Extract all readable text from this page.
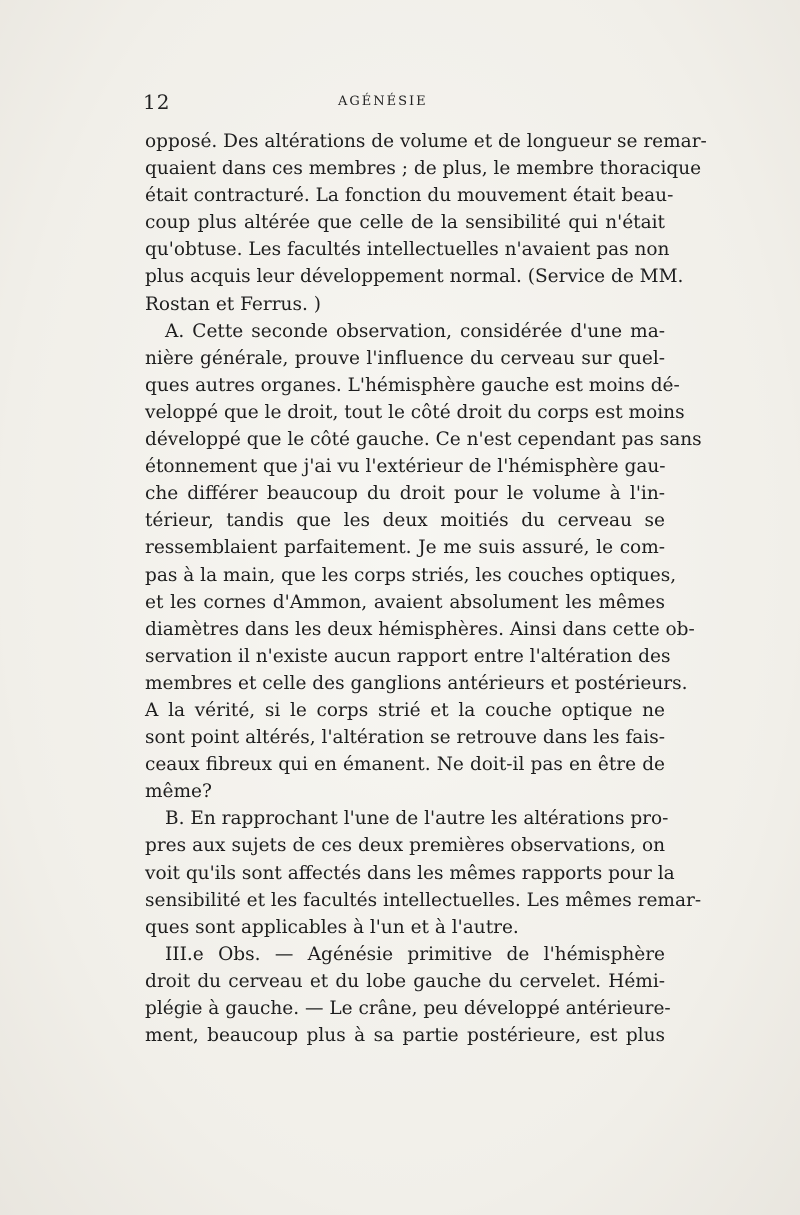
12	AGÉNÉSIE
opposé. Des altérations de volume et de longueur se remar-
quaient dans ces membres ; de plus, le membre thoracique
était contracturé. La fonction du mouvement était beau-
coup plus altérée que celle de la sensibilité qui n'était
qu'obtuse. Les facultés intellectuelles n'avaient pas non
plus acquis leur développement normal. (Service de MM.
Rostan et Ferrus. )
A. Cette seconde observation, considérée d'une ma-
nière générale, prouve l'influence du cerveau sur quel-
ques autres organes. L'hémisphère gauche est moins dé-
veloppé que le droit, tout le côté droit du corps est moins
développé que le côté gauche. Ce n'est cependant pas sans
étonnement que j'ai vu l'extérieur de l'hémisphère gau-
che différer beaucoup du droit pour le volume à l'in-
térieur, tandis que les deux moitiés du cerveau se
ressemblaient parfaitement. Je me suis assuré, le com-
pas à la main, que les corps striés, les couches optiques,
et les cornes d'Ammon, avaient absolument les mêmes
diamètres dans les deux hémisphères. Ainsi dans cette ob-
servation il n'existe aucun rapport entre l'altération des
membres et celle des ganglions antérieurs et postérieurs.
A la vérité, si le corps strié et la couche optique ne
sont point altérés, l'altération se retrouve dans les fais-
ceaux fibreux qui en émanent. Ne doit-il pas en être de
même?
B. En rapprochant l'une de l'autre les altérations pro-
pres aux sujets de ces deux premières observations, on
voit qu'ils sont affectés dans les mêmes rapports pour la
sensibilité et les facultés intellectuelles. Les mêmes remar-
ques sont applicables à l'un et à l'autre.
III.e Obs. — Agénésie primitive de l'hémisphère
droit du cerveau et du lobe gauche du cervelet. Hémi-
plégie à gauche. — Le crâne, peu développé antérieure-
ment, beaucoup plus à sa partie postérieure, est plus
